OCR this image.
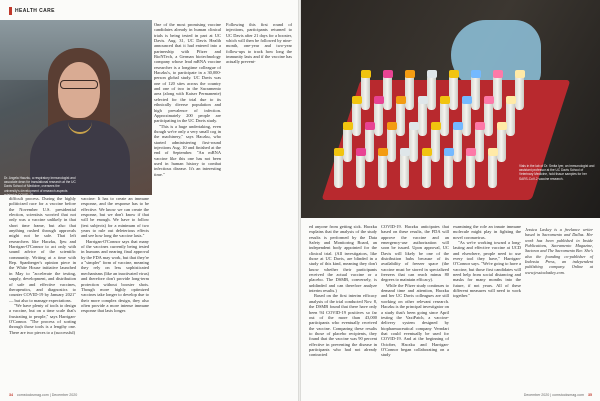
HEALTH CARE
Dr. Angela Haczku, a respiratory immunologist and associate dean for translational research at the UC Davis School of Medicine, oversees the university's development of research aspects related to COVID-19.

difficult process. During the highly politicized race for a vaccine before the November U.S. presidential election, scientists worried that not only was a vaccine unlikely in that short time frame, but also that anything rushed through approvals might not be safe. That left researchers like Haczku, Ijeu and Harrigan-O'Connor to act only with sound advice of the scientific community. Writing at a time with Rep. Spanberger's opinion piece in the White House initiative launched in May to "accelerate the testing, supply, development, and distribution of safe and effective vaccines, therapeutics, and diagnostics to counter COVID-19 by January 2021" — but also to manage expectations.

"We have plenty of tools to design a vaccine, but on a time scale that's frustrating to people," says Harrigan-O'Connor. "The process of sorting through those tools is a lengthy one. There are two pieces to a (successful)

vaccine: It has to create an immune response, and the response has to be effective. We know we can create the response, but we don't know if that will be enough. We have to follow (test subjects) for a minimum of two years to rule out deleterious effects and see how long the vaccine lasts."

Harrigan-O'Connor says that many of the vaccines currently being tested in humans and nearing final approval by the FDA may work, but that they're a "simpler" form of vaccine, meaning they rely on less sophisticated mechanisms (like an inactivated virus) and therefore don't provide long-term protection without booster shots. Though more highly optimized vaccines take longer to develop due to their more complex design, they also often provide a more intense immune response that lasts longer.

One of the most promising vaccine candidates already in human clinical trials is being tested in part at UC Davis. Aug. 31, UC Davis Health announced that it had entered into a partnership with Pfizer and BioNTech, a German biotechnology company whose lead mRNA vaccine researcher is a longtime colleague of Haczku's, to participate in a 30,000-person global study. UC Davis was one of 120 sites across the country and one of two in the Sacramento area (along with Kaiser Permanente) selected for the trial due to its ethnically diverse population and high prevalence of infection. Approximately 200 people are participating in the UC Davis study.

"This is a huge undertaking, even though we're only a very small cog in the machinery," says Haczku, who started administering first-round injections Aug. 10 and finished at the end of September. "An mRNA vaccine like this one has not been used in human history to combat infectious disease. It's an interesting time."

Following this first round of injections, participants returned to UC Davis after 21 days for a booster, which will then be followed by nine-month, one-year and two-year follow-ups to track how long the immunity lasts and if the vaccine has actually prevent-

34 comstocksmag.com | December 2020
Vials in the lab of Dr. Smita Iyer, an immunologist and assistant professor at the UC Davis School of Veterinary Medicine, hold tissue samples for her SARS-CoV-2 vaccine research.

ed anyone from getting sick. Haczku explains that the analysis of the study results is performed by the Data Safety and Monitoring Board, an independent body appointed for the clinical trial. (All investigators, like those at UC Davis, are blinded in a study of this kind, meaning they don't know whether their participants received the actual vaccine or a placebo. The DSMB, conversely, is unblinded and can therefore analyze interim results.)

Based on the first interim efficacy analysis of the trial conducted Nov. 8, the DSMB found that there have only been 94 COVID-19 positives so far out of the more than 43,000 participants who eventually received the vaccine. Comparing these results to those of placebo recipients, they found that the vaccine was 90 percent effective in preventing the disease in participants who had not already contracted

COVID-19. Haczku anticipates that based on these results, the FDA will approve the vaccine and an emergency-use authorization will soon be issued. Upon approval, UC Davis will likely be one of the distribution hubs because of its availability of freezer space (the vaccine must be stored in specialized freezers that can reach minus 80 degrees to maintain efficacy).

While the Pfizer study continues to demand time and attention, Haczku and her UC Davis colleagues are still working on other relevant research. Haczku is the principal investigator on a study that's been going since April testing the VaxiPatch, a vaccine-delivery system designed by biopharmaceutical company Verndari that could eventually be used for COVID-19. And at the beginning of October, Haczku and Harrigan-O'Connor began collaborating on a study

examining the role an innate immune molecule might play in fighting the novel coronavirus.

"As we're working toward a long-lasting and effective vaccine at UCD and elsewhere, people need to use every tool they have," Harrigan-O'Connor says. "We're going to have a vaccine, but those first candidates will need help from social distancing and masks for many months into the future, if not years. All of these different measures will need to work together."

Jessica Laskey is a freelance writer based in Sacramento and Dallas. Her work has been published in Inside Publications, Sacramento Magazine, Sactown and The Sacramento Bee. She's also the founding co-publisher of Indessia Press, an independent publishing company. Online at www.jessicalaskey.com.

December 2020 | comstocksmag.com 35
